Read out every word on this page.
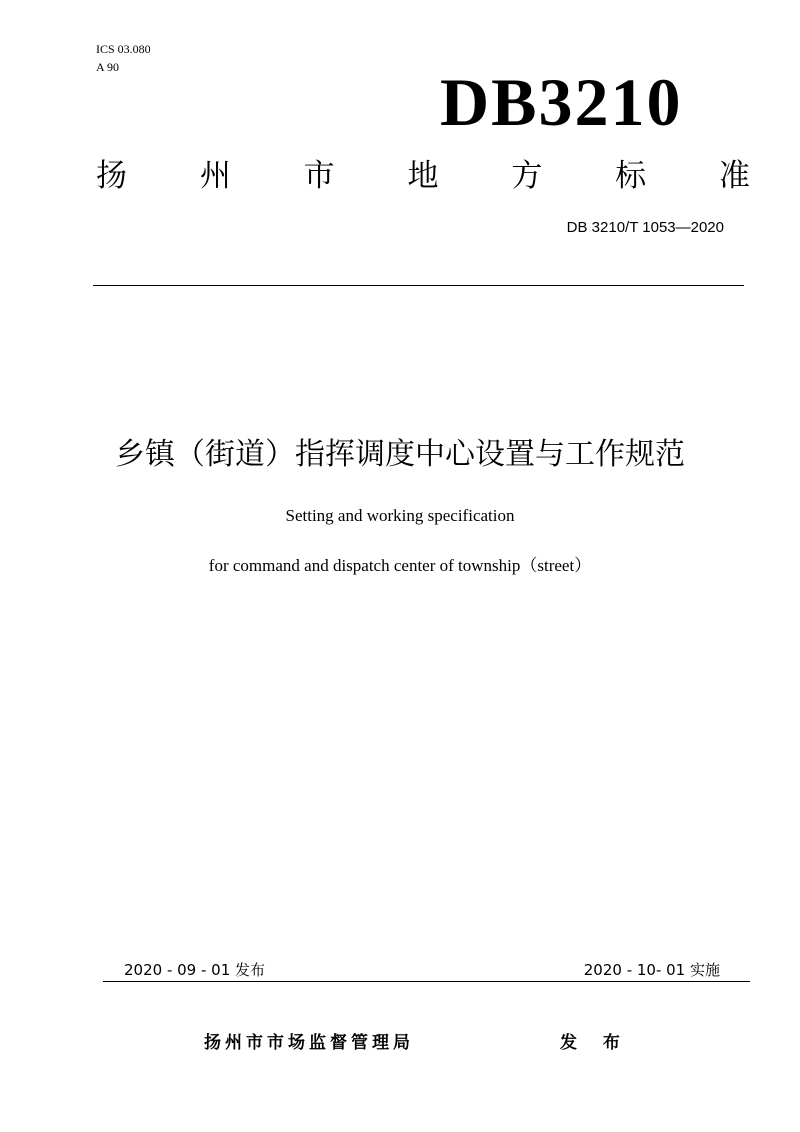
ICS 03.080
A 90	DB3210
扬 州 市 地 方 标 准
DB 3210/T 1053—2020
乡镇（街道）指挥调度中心设置与工作规范
Setting and working specification
for command and dispatch center of township（street）
2020 - 09 - 01 发布	2020 - 10- 01 实施
扬州市市场监督管理局	发 布
